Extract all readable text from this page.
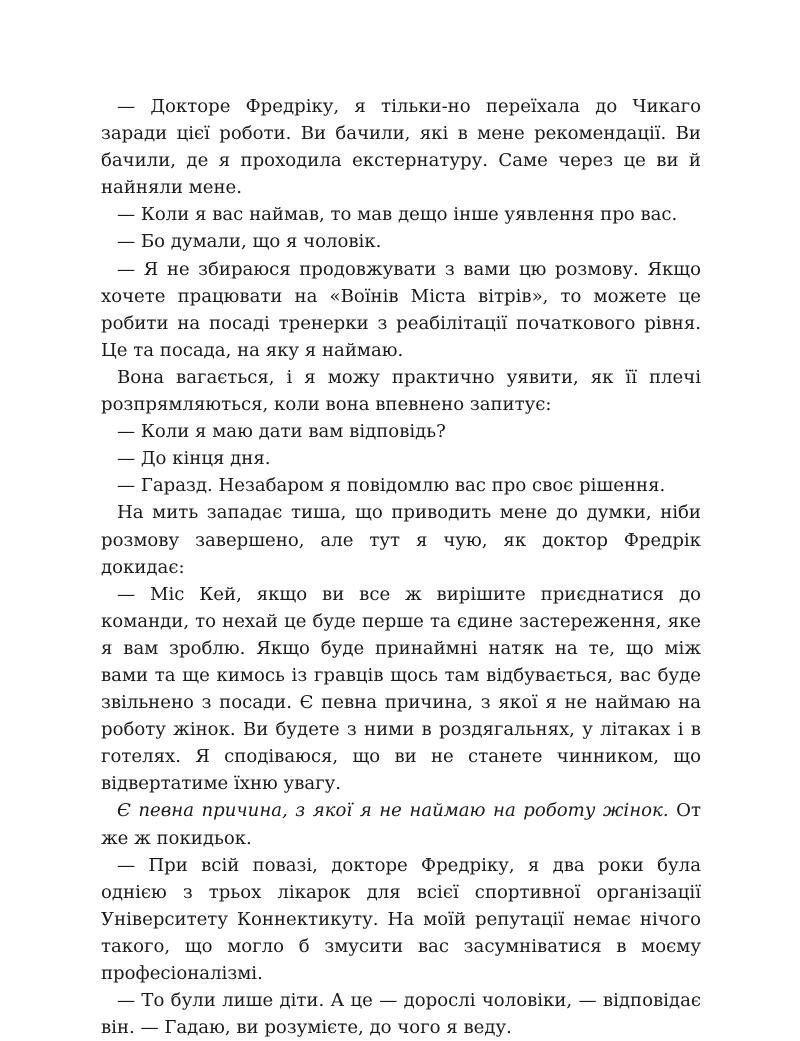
— Докторе Фредріку, я тільки-но переїхала до Чикаго заради цієї роботи. Ви бачили, які в мене рекомендації. Ви бачили, де я проходила екстернатуру. Саме через це ви й найняли мене.

— Коли я вас наймав, то мав дещо інше уявлення про вас.

— Бо думали, що я чоловік.

— Я не збираюся продовжувати з вами цю розмову. Якщо хочете працювати на «Воїнів Міста вітрів», то можете це робити на посаді тренерки з реабілітації початкового рівня. Це та посада, на яку я наймаю.

Вона вагається, і я можу практично уявити, як її плечі розпрямляються, коли вона впевнено запитує:

— Коли я маю дати вам відповідь?

— До кінця дня.

— Гаразд. Незабаром я повідомлю вас про своє рішення.

На мить западає тиша, що приводить мене до думки, ніби розмову завершено, але тут я чую, як доктор Фредрік докидає:

— Міс Кей, якщо ви все ж вирішите приєднатися до команди, то нехай це буде перше та єдине застереження, яке я вам зроблю. Якщо буде принаймні натяк на те, що між вами та ще кимось із гравців щось там відбувається, вас буде звільнено з посади. Є певна причина, з якої я не наймаю на роботу жінок. Ви будете з ними в роздягальнях, у літаках і в готелях. Я сподіваюся, що ви не станете чинником, що відвертатиме їхню увагу.

Є певна причина, з якої я не наймаю на роботу жінок. От же ж покидьок.

— При всій повазі, докторе Фредріку, я два роки була однією з трьох лікарок для всієї спортивної організації Університету Коннектикуту. На моїй репутації немає нічого такого, що могло б змусити вас засумніватися в моєму професіоналізмі.

— То були лише діти. А це — дорослі чоловіки, — відповідає він. — Гадаю, ви розумієте, до чого я веду.
